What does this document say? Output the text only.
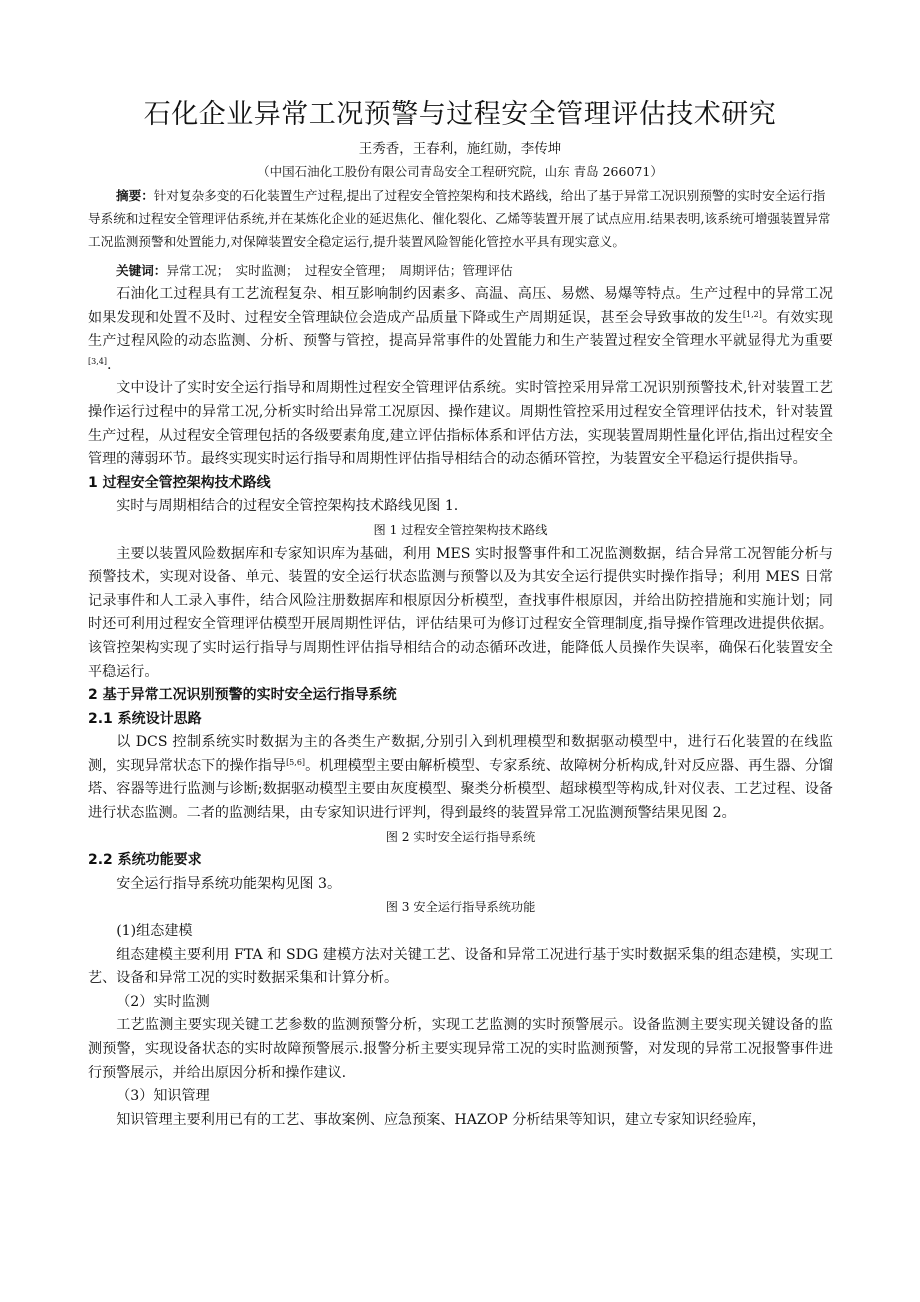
石化企业异常工况预警与过程安全管理评估技术研究
王秀香，王春利，施红勋，李传坤
（中国石油化工股份有限公司青岛安全工程研究院，山东 青岛 266071）
摘要：针对复杂多变的石化装置生产过程,提出了过程安全管控架构和技术路线，给出了基于异常工况识别预警的实时安全运行指导系统和过程安全管理评估系统,并在某炼化企业的延迟焦化、催化裂化、乙烯等装置开展了试点应用.结果表明,该系统可增强装置异常工况监测预警和处置能力,对保障装置安全稳定运行,提升装置风险智能化管控水平具有现实意义。
关键词：异常工况；　实时监测；　过程安全管理；　周期评估；管理评估

石油化工过程具有工艺流程复杂、相互影响制约因素多、高温、高压、易燃、易爆等特点。生产过程中的异常工况如果发现和处置不及时、过程安全管理缺位会造成产品质量下降或生产周期延误，甚至会导致事故的发生[1,2]。有效实现生产过程风险的动态监测、分析、预警与管控，提高异常事件的处置能力和生产装置过程安全管理水平就显得尤为重要[3,4].

文中设计了实时安全运行指导和周期性过程安全管理评估系统。实时管控采用异常工况识别预警技术,针对装置工艺操作运行过程中的异常工况,分析实时给出异常工况原因、操作建议。周期性管控采用过程安全管理评估技术，针对装置生产过程，从过程安全管理包括的各级要素角度,建立评估指标体系和评估方法，实现装置周期性量化评估,指出过程安全管理的薄弱环节。最终实现实时运行指导和周期性评估指导相结合的动态循环管控，为装置安全平稳运行提供指导。

1 过程安全管控架构技术路线

实时与周期相结合的过程安全管控架构技术路线见图 1.

图 1 过程安全管控架构技术路线

主要以装置风险数据库和专家知识库为基础，利用 MES 实时报警事件和工况监测数据，结合异常工况智能分析与预警技术，实现对设备、单元、装置的安全运行状态监测与预警以及为其安全运行提供实时操作指导；利用 MES 日常记录事件和人工录入事件，结合风险注册数据库和根原因分析模型，查找事件根原因，并给出防控措施和实施计划；同时还可利用过程安全管理评估模型开展周期性评估，评估结果可为修订过程安全管理制度,指导操作管理改进提供依据。该管控架构实现了实时运行指导与周期性评估指导相结合的动态循环改进，能降低人员操作失误率，确保石化装置安全平稳运行。

2 基于异常工况识别预警的实时安全运行指导系统
2.1 系统设计思路

以 DCS 控制系统实时数据为主的各类生产数据,分别引入到机理模型和数据驱动模型中，进行石化装置的在线监测，实现异常状态下的操作指导[5,6]。机理模型主要由解析模型、专家系统、故障树分析构成,针对反应器、再生器、分馏塔、容器等进行监测与诊断;数据驱动模型主要由灰度模型、聚类分析模型、超球模型等构成,针对仪表、工艺过程、设备进行状态监测。二者的监测结果，由专家知识进行评判，得到最终的装置异常工况监测预警结果见图 2。

图 2 实时安全运行指导系统
2.2 系统功能要求

安全运行指导系统功能架构见图 3。

图 3 安全运行指导系统功能
(1)组态建模

组态建模主要利用 FTA 和 SDG 建模方法对关键工艺、设备和异常工况进行基于实时数据采集的组态建模，实现工艺、设备和异常工况的实时数据采集和计算分析。

（2）实时监测

工艺监测主要实现关键工艺参数的监测预警分析，实现工艺监测的实时预警展示。设备监测主要实现关键设备的监测预警，实现设备状态的实时故障预警展示.报警分析主要实现异常工况的实时监测预警，对发现的异常工况报警事件进行预警展示，并给出原因分析和操作建议.

（3）知识管理

知识管理主要利用已有的工艺、事故案例、应急预案、HAZOP 分析结果等知识，建立专家知识经验库，
